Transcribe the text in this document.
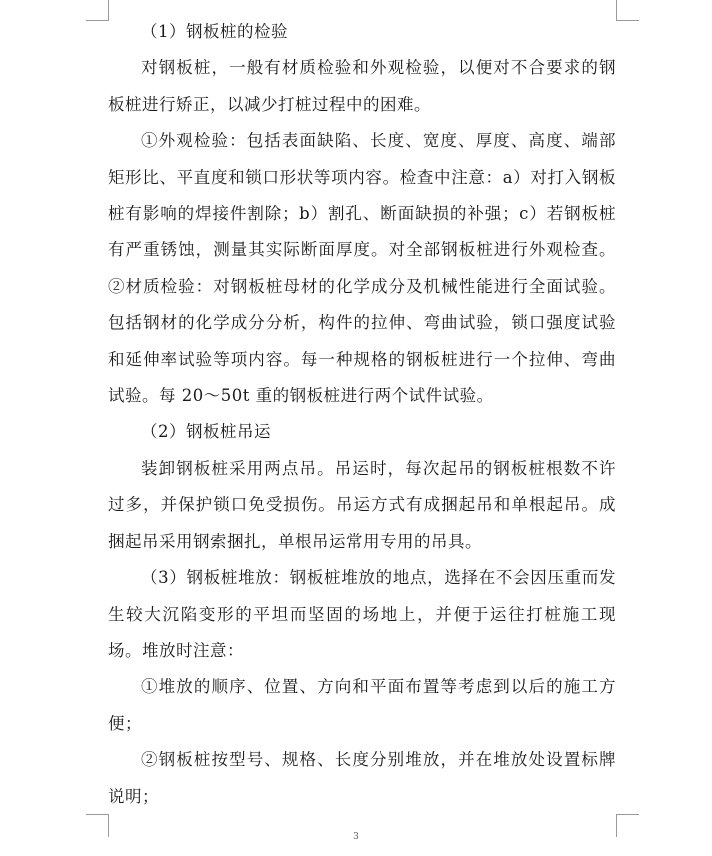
（1）钢板桩的检验

对钢板桩，一般有材质检验和外观检验，以便对不合要求的钢板桩进行矫正，以减少打桩过程中的困难。

①外观检验：包括表面缺陷、长度、宽度、厚度、高度、端部矩形比、平直度和锁口形状等项内容。检查中注意：a）对打入钢板桩有影响的焊接件割除；b）割孔、断面缺损的补强；c）若钢板桩有严重锈蚀，测量其实际断面厚度。对全部钢板桩进行外观检查。②材质检验：对钢板桩母材的化学成分及机械性能进行全面试验。包括钢材的化学成分分析，构件的拉伸、弯曲试验，锁口强度试验和延伸率试验等项内容。每一种规格的钢板桩进行一个拉伸、弯曲试验。每 20～50t 重的钢板桩进行两个试件试验。

（2）钢板桩吊运

装卸钢板桩采用两点吊。吊运时，每次起吊的钢板桩根数不许过多，并保护锁口免受损伤。吊运方式有成捆起吊和单根起吊。成捆起吊采用钢索捆扎，单根吊运常用专用的吊具。

（3）钢板桩堆放：钢板桩堆放的地点，选择在不会因压重而发生较大沉陷变形的平坦而坚固的场地上，并便于运往打桩施工现场。堆放时注意：

①堆放的顺序、位置、方向和平面布置等考虑到以后的施工方便；

②钢板桩按型号、规格、长度分别堆放，并在堆放处设置标牌说明；

3
